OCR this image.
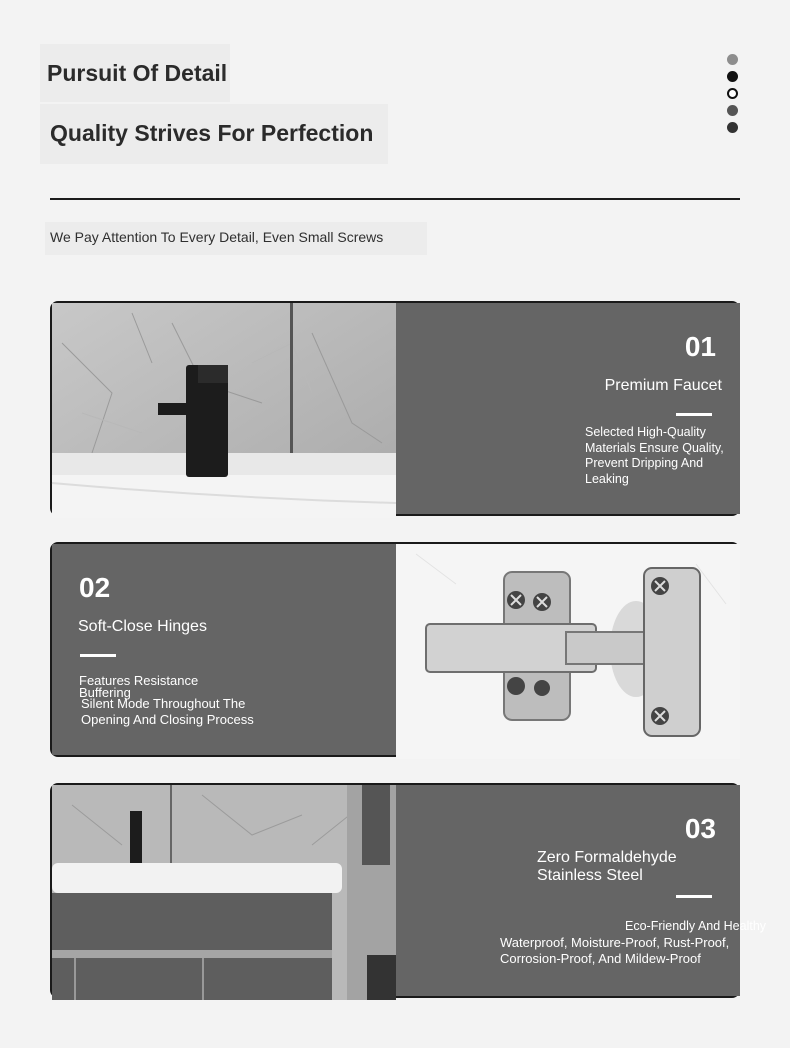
Pursuit Of Detail
Quality Strives For Perfection
We Pay Attention To Every Detail, Even Small Screws
01
Premium Faucet
Selected High-Quality Materials Ensure Quality, Prevent Dripping And Leaking
02
Soft-Close Hinges
Features Resistance Buffering
Silent Mode Throughout The Opening And Closing Process
03
Zero Formaldehyde
Stainless Steel
Eco-Friendly And Healthy
Waterproof, Moisture-Proof, Rust-Proof, Corrosion-Proof, And Mildew-Proof
